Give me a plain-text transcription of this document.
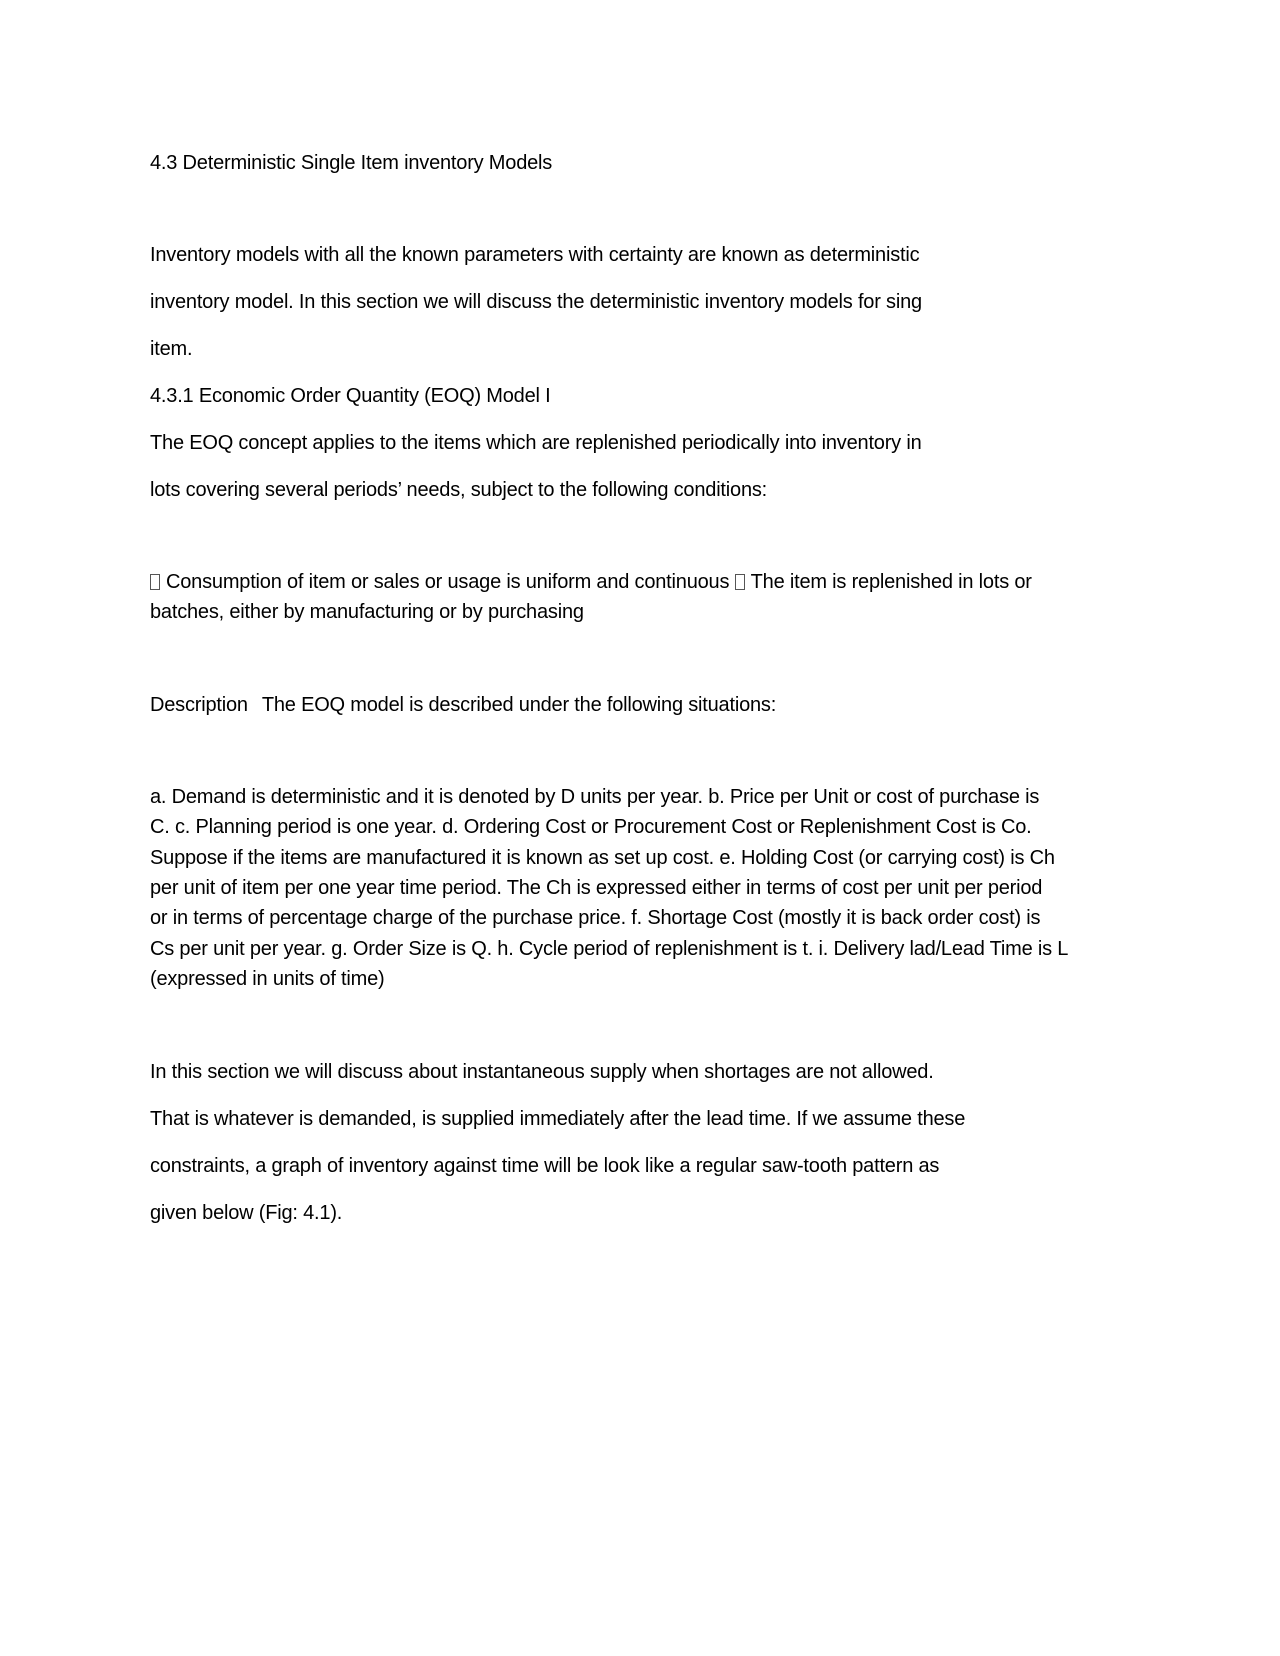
4.3 Deterministic Single Item inventory Models
Inventory models with all the known parameters with certainty are known as deterministic
inventory model. In this section we will discuss the deterministic inventory models for sing
item.
4.3.1 Economic Order Quantity (EOQ) Model I
The EOQ concept applies to the items which are replenished periodically into inventory in
lots covering several periods’ needs, subject to the following conditions:
Consumption of item or sales or usage is uniform and continuous The item is replenished in lots or
batches, either by manufacturing or by purchasing
Description The EOQ model is described under the following situations:
a. Demand is deterministic and it is denoted by D units per year. b. Price per Unit or cost of purchase is
C. c. Planning period is one year. d. Ordering Cost or Procurement Cost or Replenishment Cost is Co.
Suppose if the items are manufactured it is known as set up cost. e. Holding Cost (or carrying cost) is Ch
per unit of item per one year time period. The Ch is expressed either in terms of cost per unit per period
or in terms of percentage charge of the purchase price. f. Shortage Cost (mostly it is back order cost) is
Cs per unit per year. g. Order Size is Q. h. Cycle period of replenishment is t. i. Delivery lad/Lead Time is L
(expressed in units of time)
In this section we will discuss about instantaneous supply when shortages are not allowed.
That is whatever is demanded, is supplied immediately after the lead time. If we assume these
constraints, a graph of inventory against time will be look like a regular saw-tooth pattern as
given below (Fig: 4.1).
